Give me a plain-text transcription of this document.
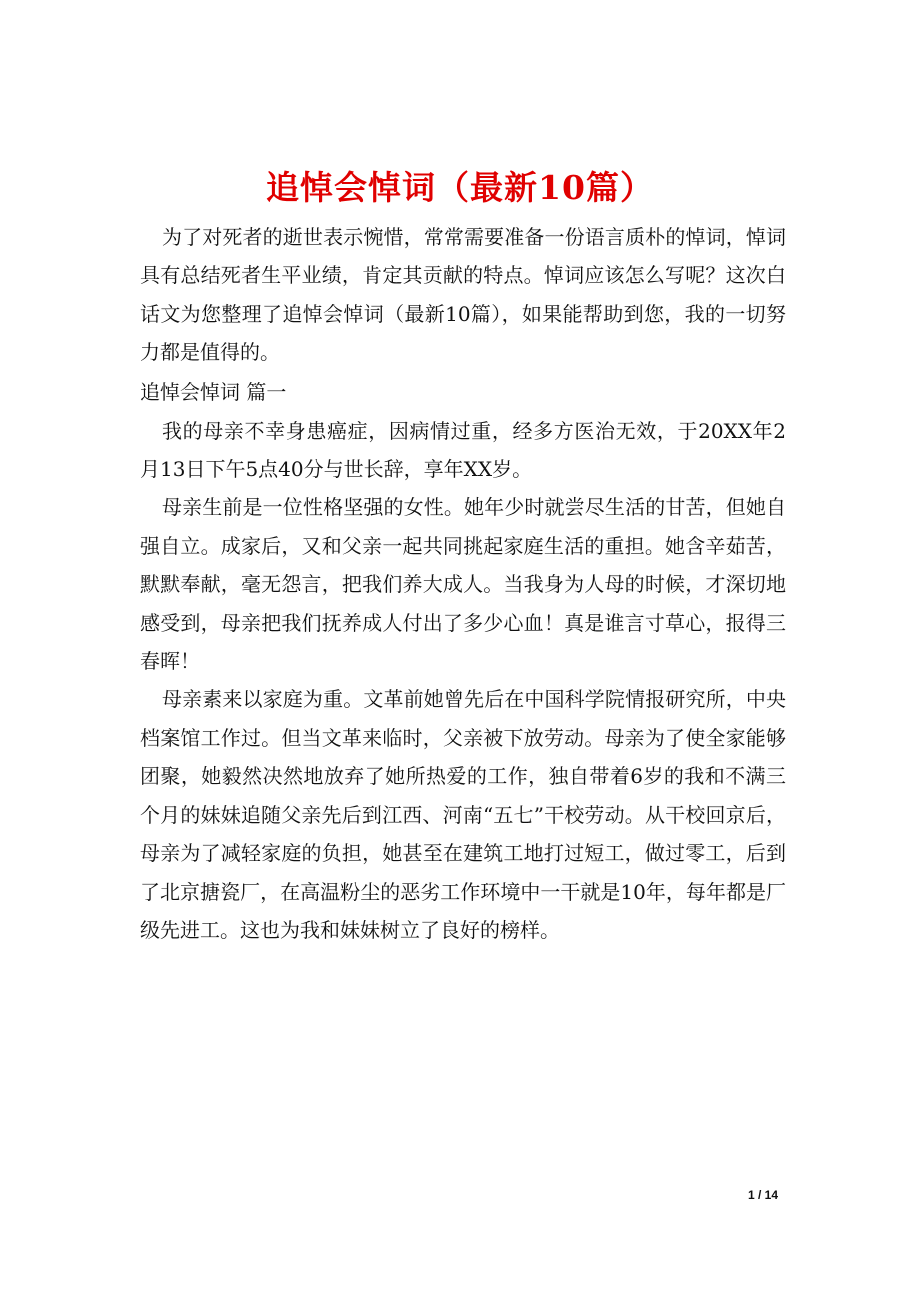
追悼会悼词（最新10篇）

为了对死者的逝世表示惋惜，常常需要准备一份语言质朴的悼词，悼词具有总结死者生平业绩，肯定其贡献的特点。悼词应该怎么写呢？这次白话文为您整理了追悼会悼词（最新10篇），如果能帮助到您，我的一切努力都是值得的。

追悼会悼词 篇一

我的母亲不幸身患癌症，因病情过重，经多方医治无效，于20XX年2月13日下午5点40分与世长辞，享年XX岁。

母亲生前是一位性格坚强的女性。她年少时就尝尽生活的甘苦，但她自强自立。成家后，又和父亲一起共同挑起家庭生活的重担。她含辛茹苦，默默奉献，毫无怨言，把我们养大成人。当我身为人母的时候，才深切地感受到，母亲把我们抚养成人付出了多少心血！真是谁言寸草心，报得三春晖！

母亲素来以家庭为重。文革前她曾先后在中国科学院情报研究所，中央档案馆工作过。但当文革来临时，父亲被下放劳动。母亲为了使全家能够团聚，她毅然决然地放弃了她所热爱的工作，独自带着6岁的我和不满三个月的妹妹追随父亲先后到江西、河南“五七”干校劳动。从干校回京后，母亲为了减轻家庭的负担，她甚至在建筑工地打过短工，做过零工，后到了北京搪瓷厂，在高温粉尘的恶劣工作环境中一干就是10年，每年都是厂级先进工。这也为我和妹妹树立了良好的榜样。

1 / 14
